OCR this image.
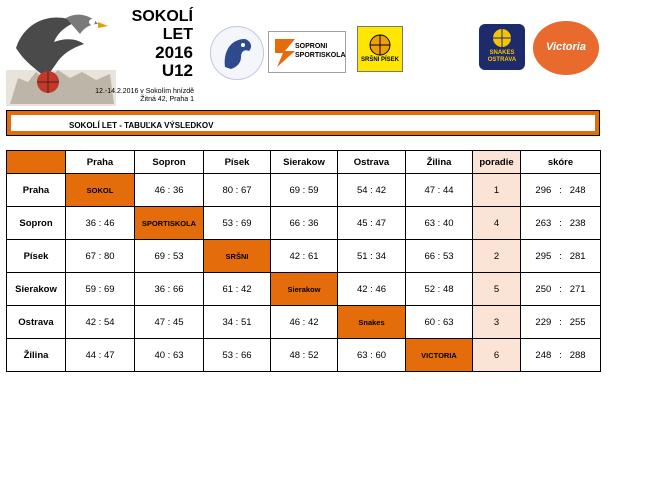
SOKOLÍ LET
2016
U12
12.-14.2.2016 v Sokolím hnízdě
Žitná 42, Praha 1
SOPRONI SPORTISKOLA
SRŠNI PÍSEK
SNAKES OSTRAVA
Victoria
SOKOLÍ LET - TABUĽKA VÝSLEDKOV
	Praha	Sopron	Písek	Sierakow	Ostrava	Žilina	poradie	skóre
Praha	SOKOL	46 : 36	80 : 67	69 : 59	54 : 42	47 : 44	1	296   :   248
Sopron	36 : 46	SPORTISKOLA	53 : 69	66 : 36	45 : 47	63 : 40	4	263   :   238
Písek	67 : 80	69 : 53	SRŠNI	42 : 61	51 : 34	66 : 53	2	295   :   281
Sierakow	59 : 69	36 : 66	61 : 42	Sierakow	42 : 46	52 : 48	5	250   :   271
Ostrava	42 : 54	47 : 45	34 : 51	46 : 42	Snakes	60 : 63	3	229   :   255
Žilina	44 : 47	40 : 63	53 : 66	48 : 52	63 : 60	VICTORIA	6	248   :   288
